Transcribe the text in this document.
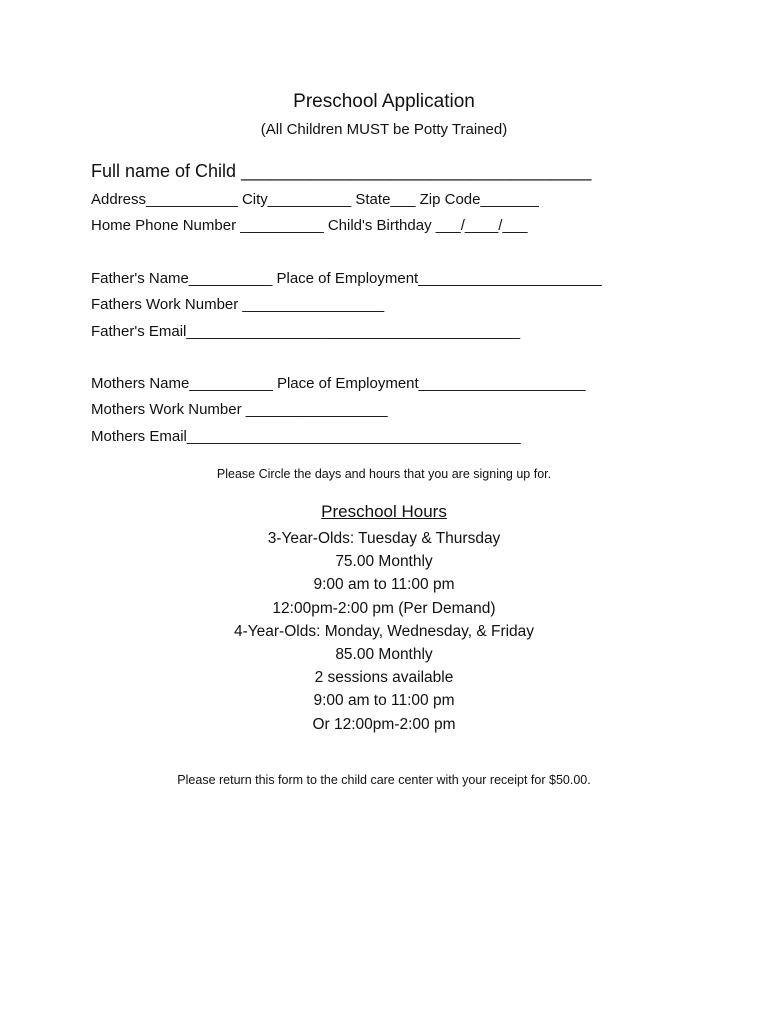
Preschool Application
(All Children MUST be Potty Trained)
Full name of Child ___________________________________
Address___________ City__________ State___ Zip Code_______
Home Phone Number __________ Child's Birthday ___/____/___
Father's Name__________ Place of Employment______________________
Fathers Work Number _________________
Father's Email________________________________________
Mothers Name__________ Place of Employment____________________
Mothers Work Number _________________
Mothers Email________________________________________
Please Circle the days and hours that you are signing up for.
Preschool Hours
3-Year-Olds: Tuesday & Thursday
75.00 Monthly
9:00 am to 11:00 pm
12:00pm-2:00 pm (Per Demand)
4-Year-Olds: Monday, Wednesday, & Friday
85.00 Monthly
2 sessions available
9:00 am to 11:00 pm
Or 12:00pm-2:00 pm
Please return this form to the child care center with your receipt for $50.00.
